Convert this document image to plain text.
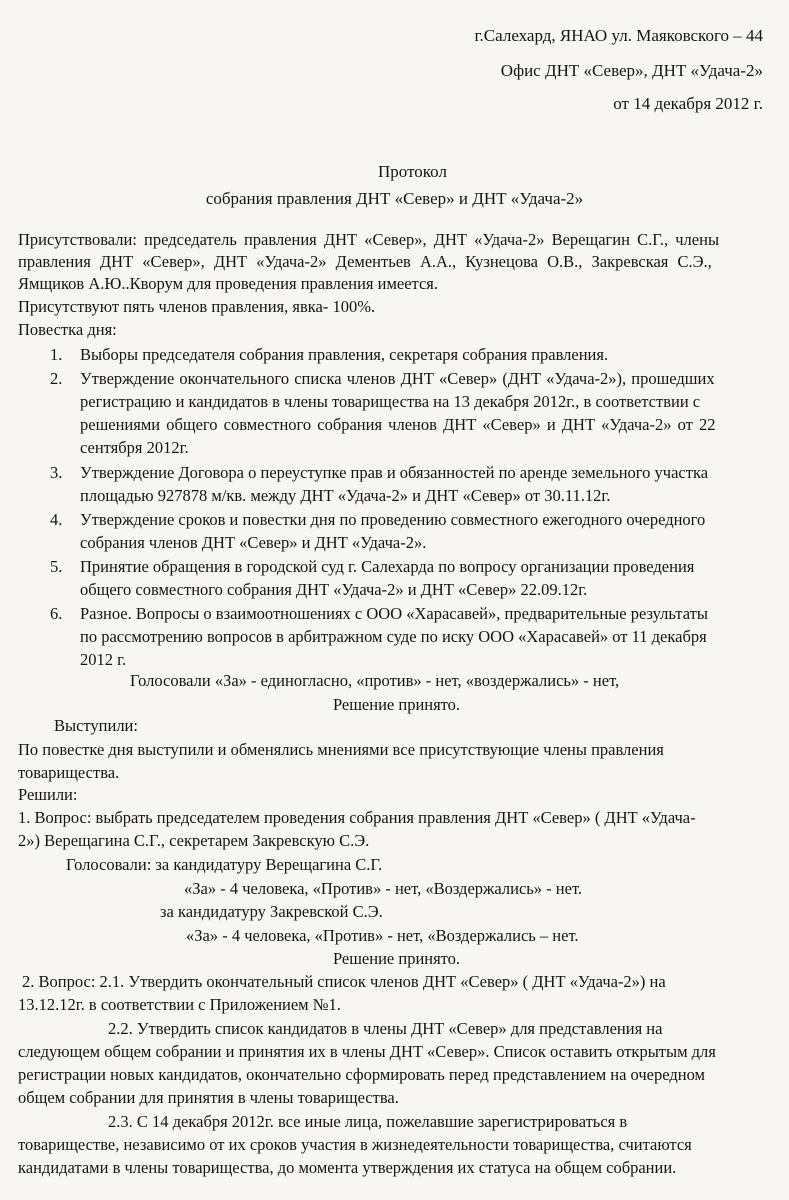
г.Салехард, ЯНАО ул. Маяковского – 44
Офис ДНТ «Север», ДНТ «Удача-2»
от 14 декабря 2012 г.
Протокол
собрания правления ДНТ «Север» и ДНТ «Удача-2»
Присутствовали: председатель правления ДНТ «Север», ДНТ «Удача-2» Верещагин С.Г., члены
правления ДНТ «Север», ДНТ «Удача-2» Дементьев А.А., Кузнецова О.В., Закревская С.Э.,
Ямщиков А.Ю..Кворум для проведения правления имеется.
Присутствуют пять членов правления, явка- 100%.
Повестка дня:
1. Выборы председателя собрания правления, секретаря собрания правления.
2. Утверждение окончательного списка членов ДНТ «Север» (ДНТ «Удача-2»), прошедших
регистрацию и кандидатов в члены товарищества на 13 декабря 2012г., в соответствии с
решениями общего совместного собрания членов ДНТ «Север» и ДНТ «Удача-2» от 22
сентября 2012г.
3. Утверждение Договора о переуступке прав и обязанностей по аренде земельного участка
площадью 927878 м/кв. между ДНТ «Удача-2» и ДНТ «Север» от 30.11.12г.
4. Утверждение сроков и повестки дня по проведению совместного ежегодного очередного
собрания членов ДНТ «Север» и ДНТ «Удача-2».
5. Принятие обращения в городской суд г. Салехарда по вопросу организации проведения
общего совместного собрания ДНТ «Удача-2» и ДНТ «Север» 22.09.12г.
6. Разное. Вопросы о взаимоотношениях с ООО «Харасавей», предварительные результаты
по рассмотрению вопросов в арбитражном суде по иску ООО «Харасавей» от 11 декабря
2012 г.
Голосовали «За» - единогласно, «против» - нет, «воздержались» - нет,
Решение принято.
Выступили:
По повестке дня выступили и обменялись мнениями все присутствующие члены правления
товарищества.
Решили:
1. Вопрос: выбрать председателем проведения собрания правления ДНТ «Север» ( ДНТ «Удача-
2») Верещагина С.Г., секретарем Закревскую С.Э.
Голосовали: за кандидатуру Верещагина С.Г.
«За» - 4 человека, «Против» - нет, «Воздержались» - нет.
за кандидатуру Закревской С.Э.
«За» - 4 человека, «Против» - нет, «Воздержались – нет.
Решение принято.
2. Вопрос: 2.1. Утвердить окончательный список членов ДНТ «Север» ( ДНТ «Удача-2») на
13.12.12г. в соответствии с Приложением №1.
2.2. Утвердить список кандидатов в члены ДНТ «Север» для представления на
следующем общем собрании и принятия их в члены ДНТ «Север». Список оставить открытым для
регистрации новых кандидатов, окончательно сформировать перед представлением на очередном
общем собрании для принятия в члены товарищества.
2.3. С 14 декабря 2012г. все иные лица, пожелавшие зарегистрироваться в
товариществе, независимо от их сроков участия в жизнедеятельности товарищества, считаются
кандидатами в члены товарищества, до момента утверждения их статуса на общем собрании.
